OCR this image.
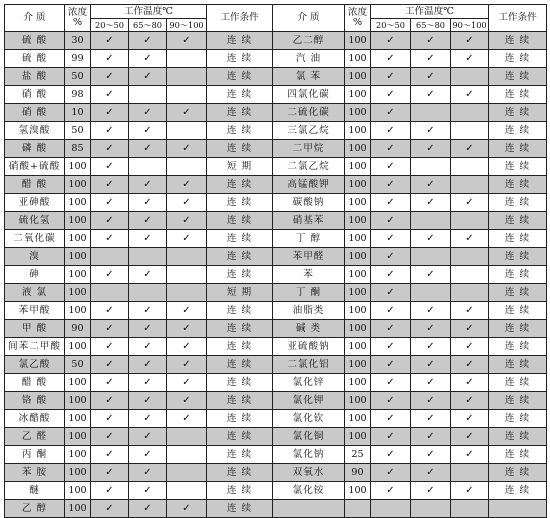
介 质	浓度
%	工作温度℃			工作条件		介 质	浓度
%	工作温度℃			工作条件
		20～50	65～80	90～100				20～50	65～80	90～100	
硫 酸	30	✓	✓	✓	连 续		乙二醇	100	✓	✓	✓	连 续
硫 酸	99	✓	✓		连 续		汽 油	100	✓	✓	✓	连 续
盐 酸	50	✓	✓		连 续		氯 苯	100	✓	✓		连 续
硝 酸	98	✓			连 续		四氯化碳	100	✓	✓	✓	连 续
硝 酸	10	✓	✓	✓	连 续		二硫化碳	100	✓			连 续
氢溴酸	50	✓	✓		连 续		三氯乙烷	100	✓	✓		连 续
磷 酸	85	✓	✓	✓	连 续		二甲烷	100	✓	✓	✓	连 续
硝酸+硫酸	100	✓			短 期		二氯乙烷	100	✓			连 续
醋 酸	100	✓	✓	✓	连 续		高锰酸钾	100	✓	✓		连 续
亚砷酸	100	✓	✓	✓	连 续		碳酸钠	100	✓	✓	✓	连 续
硫化氢	100	✓	✓	✓	连 续		硝基苯	100	✓			连 续
二氧化碳	100	✓	✓	✓	连 续		丁 醇	100	✓	✓	✓	连 续
溴	100				连 续		苯甲醛	100	✓			连 续
砷	100	✓	✓		连 续		苯	100	✓	✓		连 续
液 氯	100				短 期		丁 酮	100	✓			连 续
苯甲酸	100	✓	✓	✓	连 续		油脂类	100	✓	✓	✓	连 续
甲 酸	90	✓	✓	✓	连 续		碱 类	100	✓	✓	✓	连 续
间苯二甲酸	100	✓	✓	✓	连 续		亚硫酸钠	100	✓	✓	✓	连 续
氯乙酸	50	✓	✓	✓	连 续		二氯化铝	100	✓	✓	✓	连 续
醋 酸	100	✓	✓	✓	连 续		氯化锌	100	✓	✓	✓	连 续
铬 酸	100	✓	✓	✓	连 续		氯化钾	100	✓	✓	✓	连 续
冰醋酸	100	✓	✓	✓	连 续		氯化钦	100	✓	✓	✓	连 续
乙 醛	100	✓	✓		连 续		氯化铜	100	✓	✓	✓	连 续
丙 酮	100	✓	✓		连 续		氯化钠	25	✓	✓	✓	连 续
苯 胺	100	✓	✓		连 续		双氧水	90	✓	✓		连 续
醚	100	✓	✓		连 续		氯化铵	100	✓	✓	✓	连 续
乙 醇	100	✓	✓	✓	连 续							
